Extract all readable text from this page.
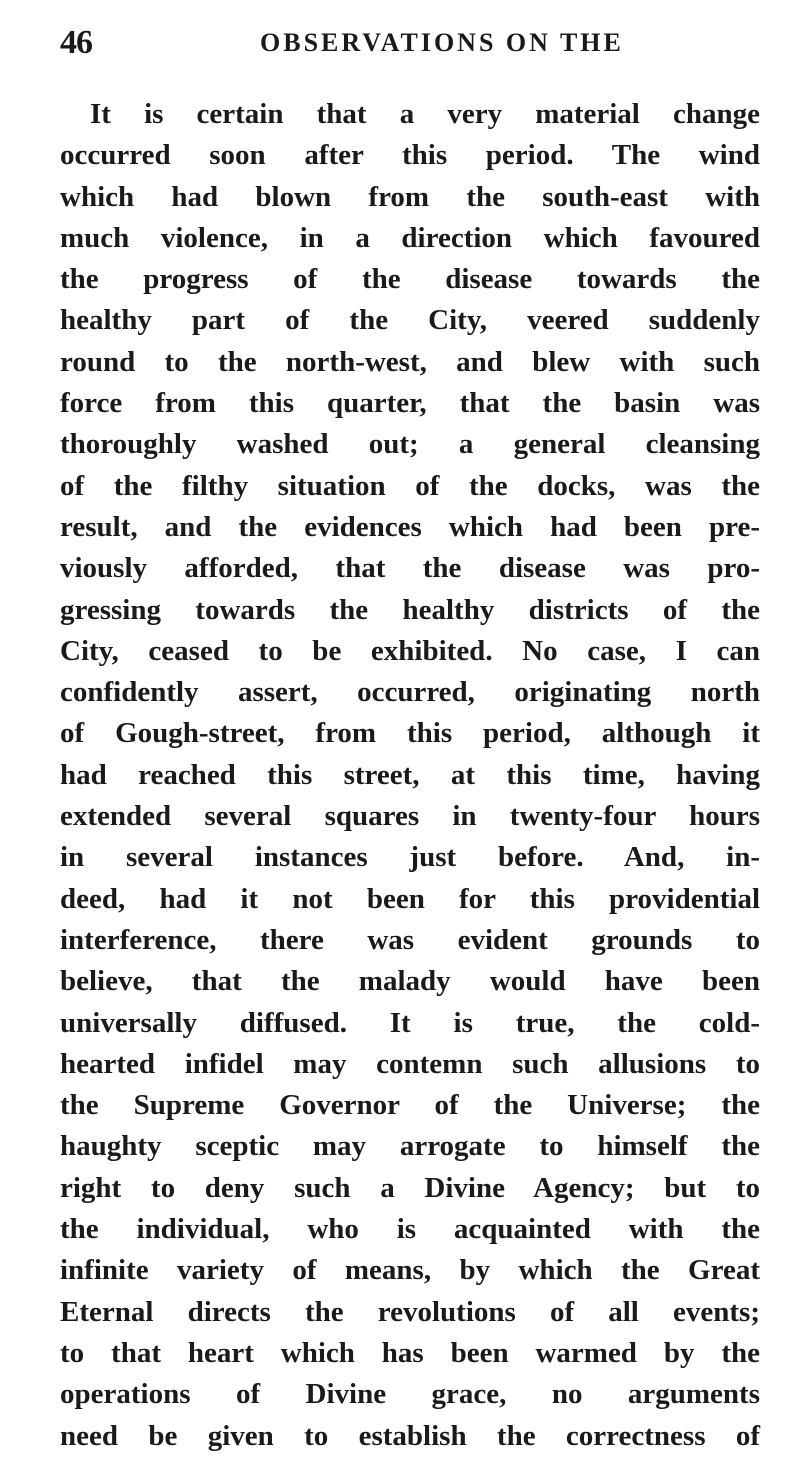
46	OBSERVATIONS ON THE
It is certain that a very material change
occurred soon after this period. The wind
which had blown from the south-east with
much violence, in a direction which favoured
the progress of the disease towards the
healthy part of the City, veered suddenly
round to the north-west, and blew with such
force from this quarter, that the basin was
thoroughly washed out; a general cleansing
of the filthy situation of the docks, was the
result, and the evidences which had been pre-
viously afforded, that the disease was pro-
gressing towards the healthy districts of the
City, ceased to be exhibited. No case, I can
confidently assert, occurred, originating north
of Gough-street, from this period, although it
had reached this street, at this time, having
extended several squares in twenty-four hours
in several instances just before. And, in-
deed, had it not been for this providential
interference, there was evident grounds to
believe, that the malady would have been
universally diffused. It is true, the cold-
hearted infidel may contemn such allusions to
the Supreme Governor of the Universe; the
haughty sceptic may arrogate to himself the
right to deny such a Divine Agency; but to
the individual, who is acquainted with the
infinite variety of means, by which the Great
Eternal directs the revolutions of all events;
to that heart which has been warmed by the
operations of Divine grace, no arguments
need be given to establish the correctness of
